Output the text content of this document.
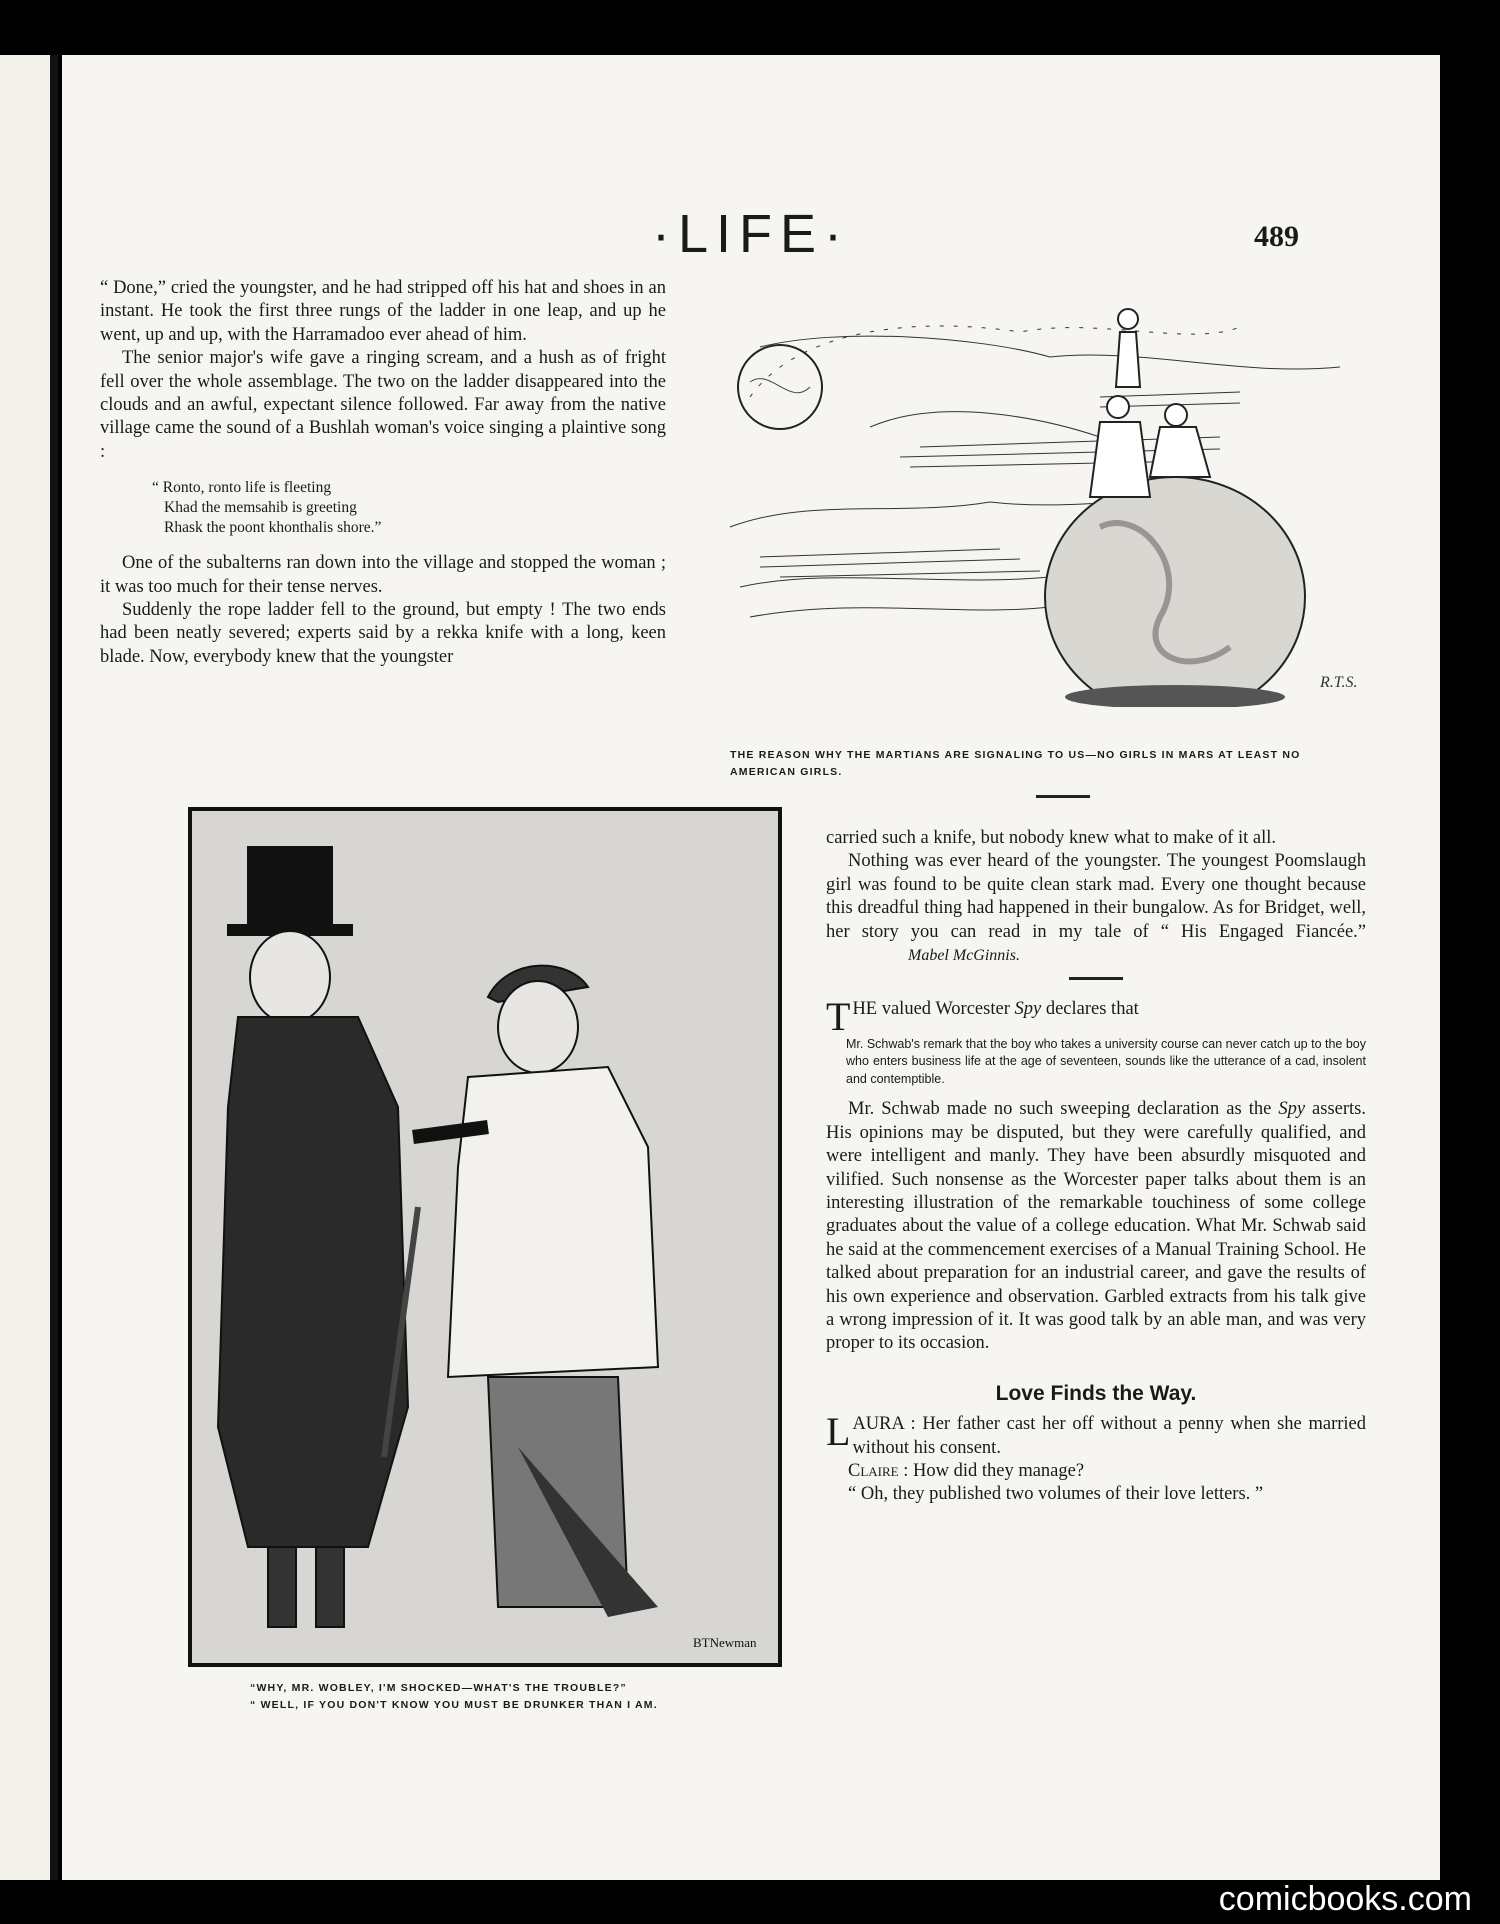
·LIFE·	489

“ Done,” cried the youngster, and he had stripped off his hat and shoes in an instant. He took the first three rungs of the ladder in one leap, and up he went, up and up, with the Harramadoo ever ahead of him.

The senior major's wife gave a ringing scream, and a hush as of fright fell over the whole assemblage. The two on the ladder disappeared into the clouds and an awful, expectant silence followed. Far away from the native village came the sound of a Bushlah woman's voice singing a plaintive song :

“ Ronto, ronto life is fleeting
Khad the memsahib is greeting
Rhask the poont khonthalis shore.”

One of the subalterns ran down into the village and stopped the woman ; it was too much for their tense nerves.

Suddenly the rope ladder fell to the ground, but empty ! The two ends had been neatly severed; experts said by a rekka knife with a long, keen blade. Now, everybody knew that the youngster

R.T.S.
THE REASON WHY THE MARTIANS ARE SIGNALING TO US—NO GIRLS IN MARS AT LEAST NO AMERICAN GIRLS.
BTNewman
“WHY, MR. WOBLEY, I'M SHOCKED—WHAT'S THE TROUBLE?”
“ WELL, IF YOU DON'T KNOW YOU MUST BE DRUNKER THAN I AM.

carried such a knife, but nobody knew what to make of it all.

Nothing was ever heard of the youngster. The youngest Poomslaugh girl was found to be quite clean stark mad. Every one thought because this dreadful thing had happened in their bungalow. As for Bridget, well, her story you can read in my tale of “ His Engaged Fiancée.”Mabel McGinnis.

THE valued Worcester Spy declares that

Mr. Schwab's remark that the boy who takes a university course can never catch up to the boy who enters business life at the age of seventeen, sounds like the utterance of a cad, insolent and contemptible.

Mr. Schwab made no such sweeping declaration as the Spy asserts. His opinions may be disputed, but they were carefully qualified, and were intelligent and manly. They have been absurdly misquoted and vilified. Such nonsense as the Worcester paper talks about them is an interesting illustration of the remarkable touchiness of some college graduates about the value of a college education. What Mr. Schwab said he said at the commencement exercises of a Manual Training School. He talked about preparation for an industrial career, and gave the results of his own experience and observation. Garbled extracts from his talk give a wrong impression of it. It was good talk by an able man, and was very proper to its occasion.

Love Finds the Way.

LAURA : Her father cast her off without a penny when she married without his consent.

Claire : How did they manage?

“ Oh, they published two volumes of their love letters. ”

comicbooks.com
